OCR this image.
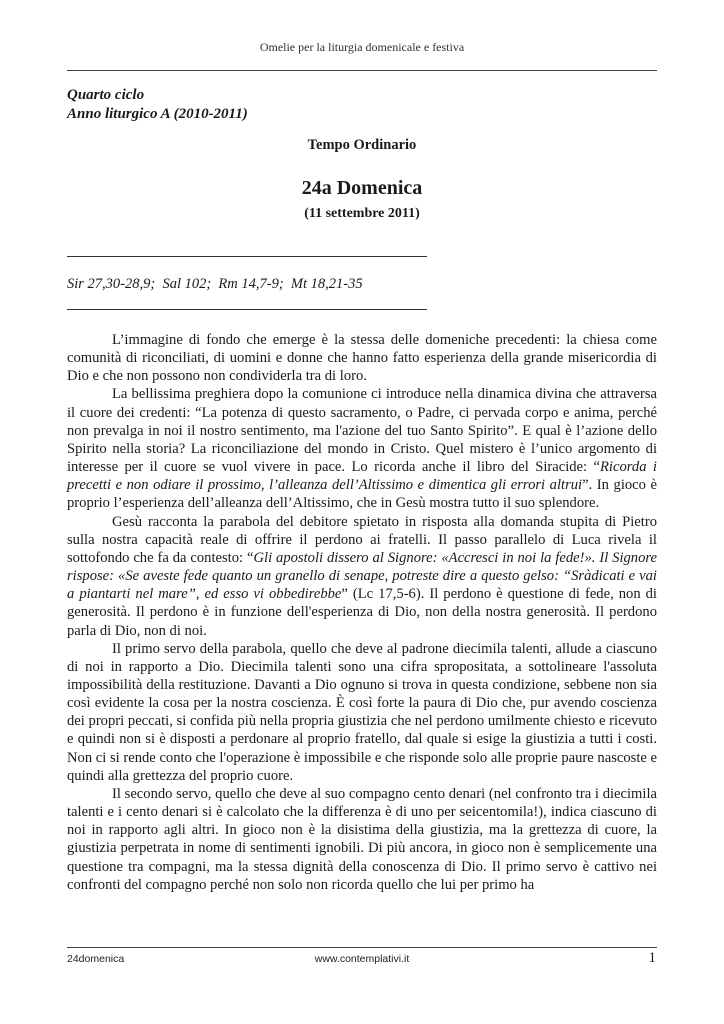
Omelie per la liturgia domenicale e festiva
Quarto ciclo
Anno liturgico A (2010-2011)
Tempo Ordinario
24a Domenica
(11 settembre 2011)
Sir 27,30-28,9;  Sal 102;  Rm 14,7-9;  Mt 18,21-35

L’immagine di fondo che emerge è la stessa delle domeniche precedenti: la chiesa come comunità di riconciliati, di uomini e donne che hanno fatto esperienza della grande misericordia di Dio e che non possono non condividerla tra di loro.

La bellissima preghiera dopo la comunione ci introduce nella dinamica divina che attraversa il cuore dei credenti: “La potenza di questo sacramento, o Padre, ci pervada corpo e anima, perché non prevalga in noi il nostro sentimento, ma l'azione del tuo Santo Spirito”. E qual è l’azione dello Spirito nella storia? La riconciliazione del mondo in Cristo. Quel mistero è l’unico argomento di interesse per il cuore se vuol vivere in pace. Lo ricorda anche il libro del Siracide: “Ricorda i precetti e non odiare il prossimo, l’alleanza dell’Altissimo e dimentica gli errori altrui”. In gioco è proprio l’esperienza dell’alleanza dell’Altissimo, che in Gesù mostra tutto il suo splendore.

Gesù racconta la parabola del debitore spietato in risposta alla domanda stupita di Pietro sulla nostra capacità reale di offrire il perdono ai fratelli. Il passo parallelo di Luca rivela il sottofondo che fa da contesto: “Gli apostoli dissero al Signore: «Accresci in noi la fede!». Il Signore rispose: «Se aveste fede quanto un granello di senape, potreste dire a questo gelso: “Sràdicati e vai a piantarti nel mare”, ed esso vi obbedirebbe” (Lc 17,5-6). Il perdono è questione di fede, non di generosità. Il perdono è in funzione dell'esperienza di Dio, non della nostra generosità. Il perdono parla di Dio, non di noi.

Il primo servo della parabola, quello che deve al padrone diecimila talenti, allude a ciascuno di noi in rapporto a Dio. Diecimila talenti sono una cifra spropositata, a sottolineare l'assoluta impossibilità della restituzione. Davanti a Dio ognuno si trova in questa condizione, sebbene non sia così evidente la cosa per la nostra coscienza. È così forte la paura di Dio che, pur avendo coscienza dei propri peccati, si confida più nella propria giustizia che nel perdono umilmente chiesto e ricevuto e quindi non si è disposti a perdonare al proprio fratello, dal quale si esige la giustizia a tutti i costi. Non ci si rende conto che l'operazione è impossibile e che risponde solo alle proprie paure nascoste e quindi alla grettezza del proprio cuore.

Il secondo servo, quello che deve al suo compagno cento denari (nel confronto tra i diecimila talenti e i cento denari si è calcolato che la differenza è di uno per seicentomila!), indica ciascuno di noi in rapporto agli altri. In gioco non è la disistima della giustizia, ma la grettezza di cuore, la giustizia perpetrata in nome di sentimenti ignobili. Di più ancora, in gioco non è semplicemente una questione tra compagni, ma la stessa dignità della conoscenza di Dio. Il primo servo è cattivo nei confronti del compagno perché non solo non ricorda quello che lui per primo ha

24domenica	www.contemplativi.it	1
